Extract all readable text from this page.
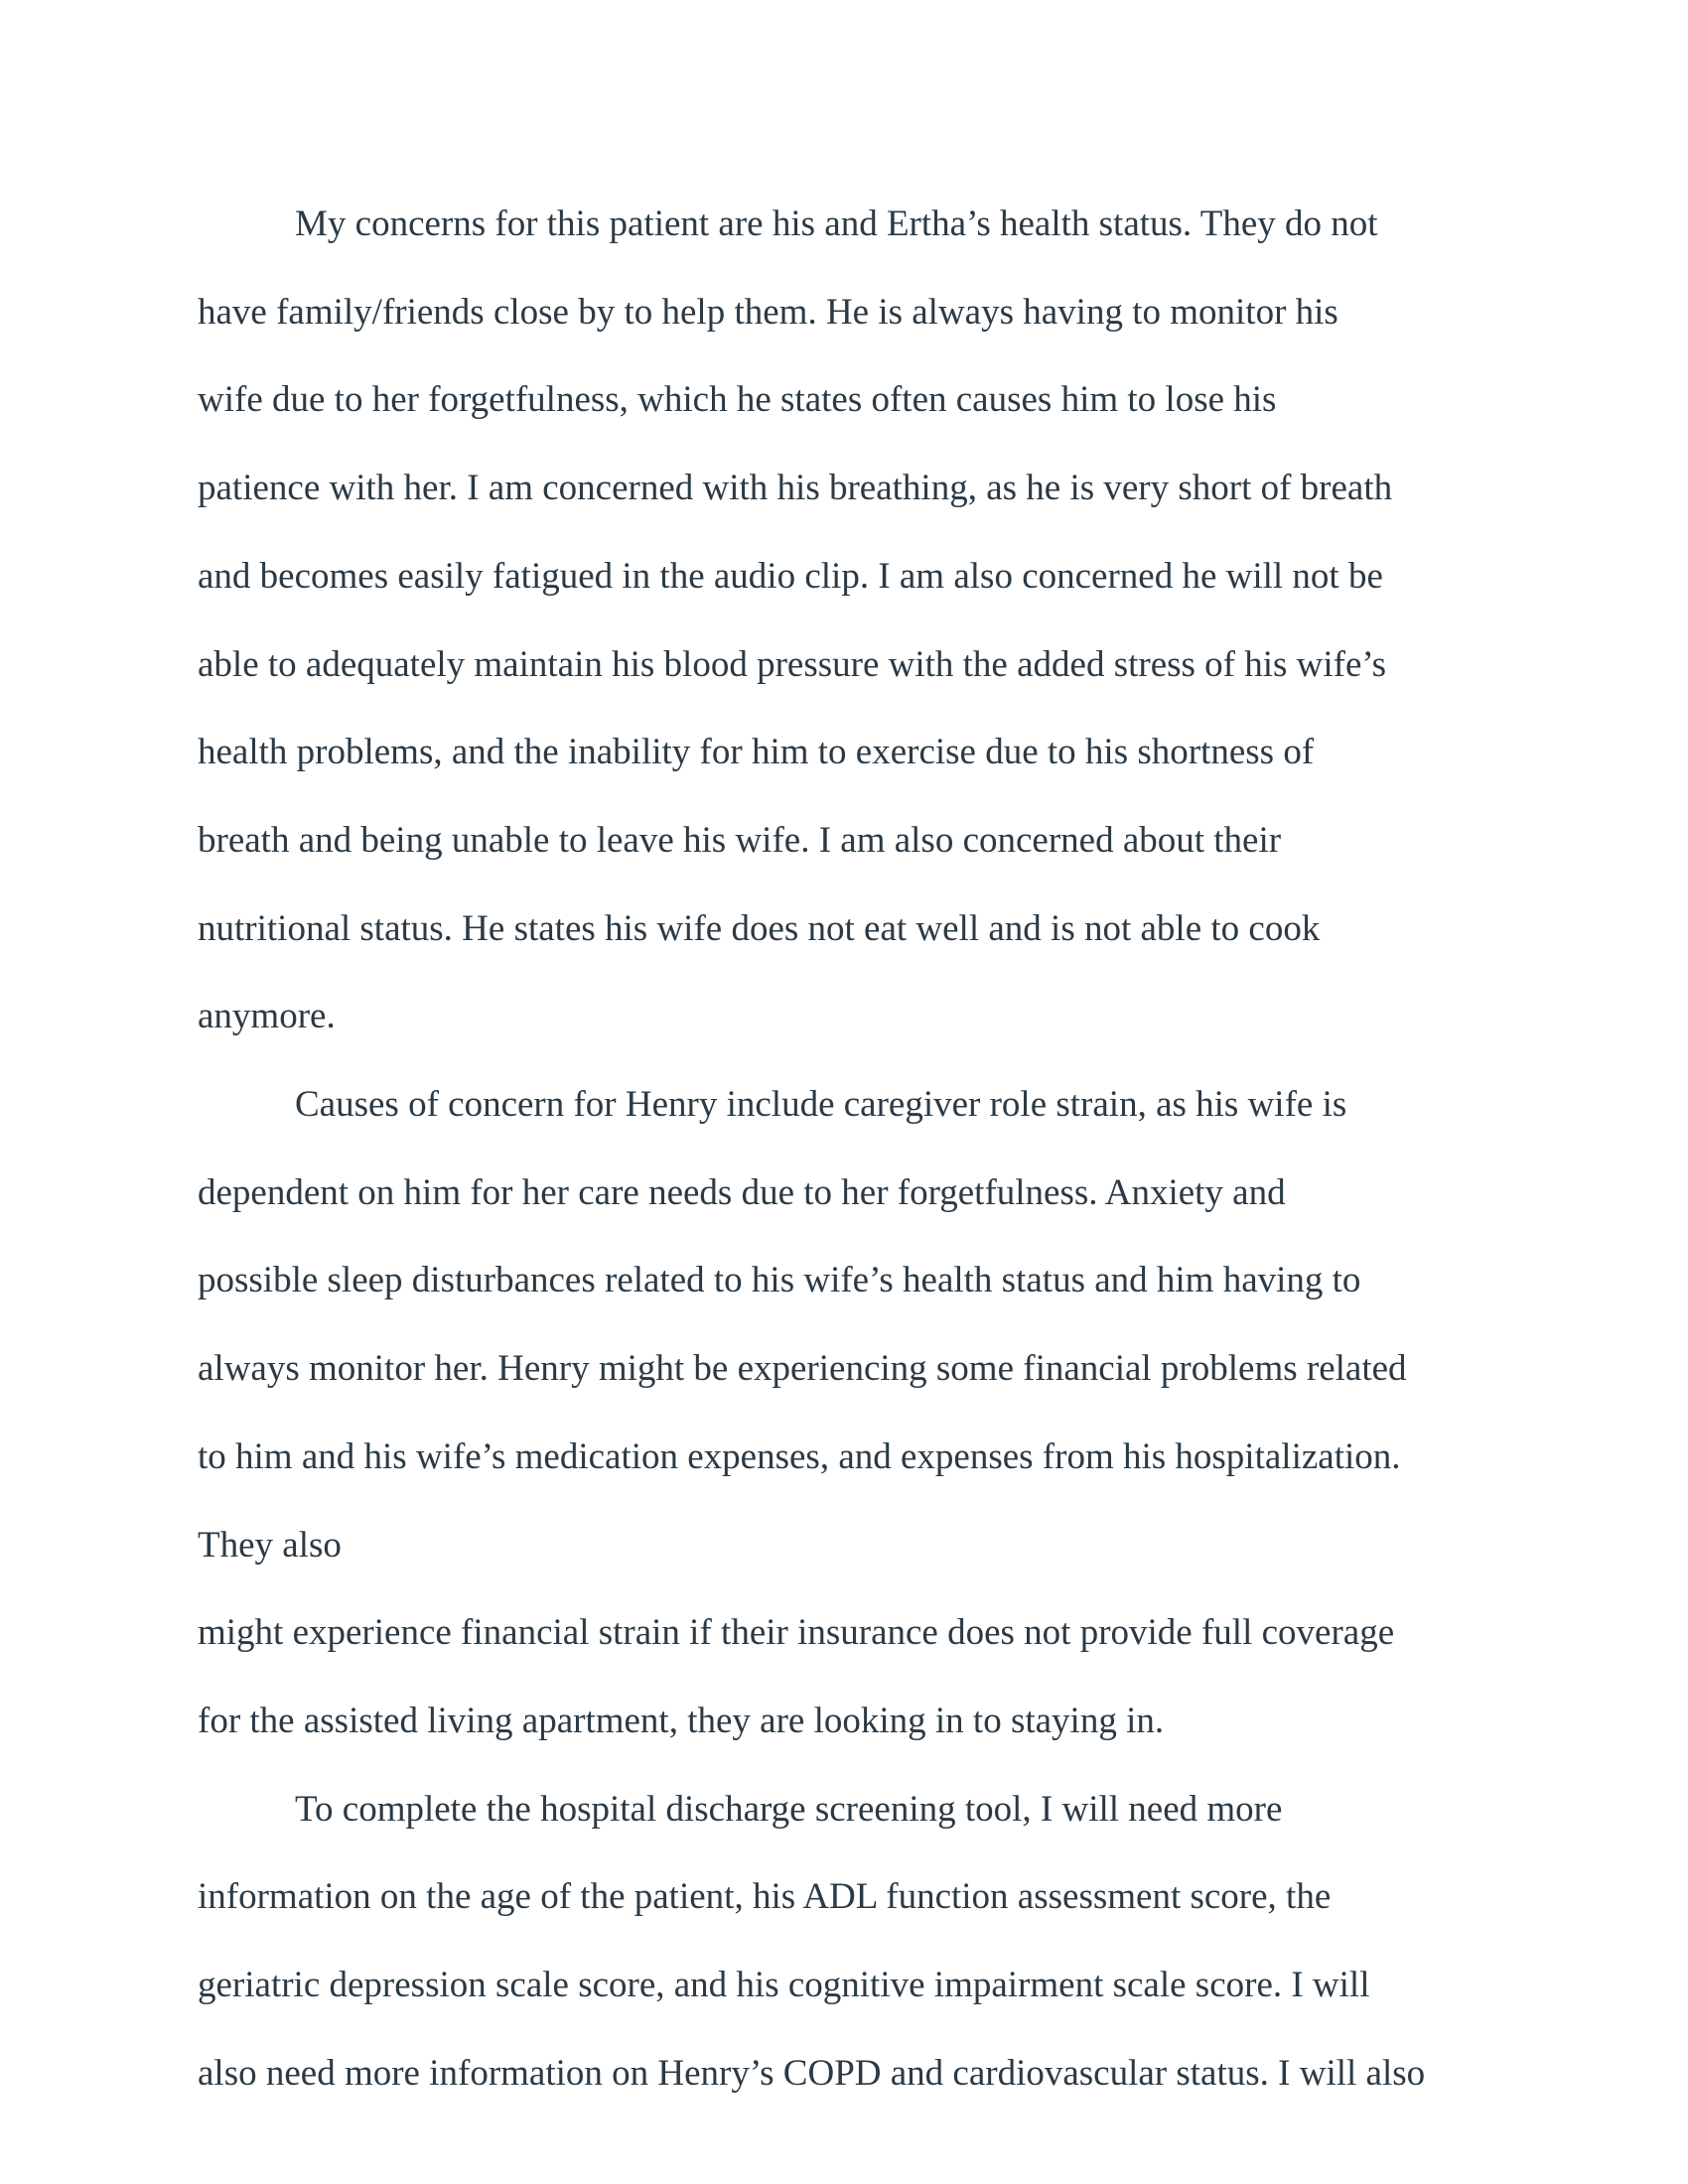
My concerns for this patient are his and Ertha’s health status. They do not
have family/friends close by to help them. He is always having to monitor his
wife due to her forgetfulness, which he states often causes him to lose his
patience with her. I am concerned with his breathing, as he is very short of breath
and becomes easily fatigued in the audio clip. I am also concerned he will not be
able to adequately maintain his blood pressure with the added stress of his wife’s
health problems, and the inability for him to exercise due to his shortness of
breath and being unable to leave his wife. I am also concerned about their
nutritional status. He states his wife does not eat well and is not able to cook
anymore.
Causes of concern for Henry include caregiver role strain, as his wife is
dependent on him for her care needs due to her forgetfulness. Anxiety and
possible sleep disturbances related to his wife’s health status and him having to
always monitor her. Henry might be experiencing some financial problems related
to him and his wife’s medication expenses, and expenses from his hospitalization.
They also
might experience financial strain if their insurance does not provide full coverage
for the assisted living apartment, they are looking in to staying in.
To complete the hospital discharge screening tool, I will need more
information on the age of the patient, his ADL function assessment score, the
geriatric depression scale score, and his cognitive impairment scale score. I will
also need more information on Henry’s COPD and cardiovascular status. I will also
